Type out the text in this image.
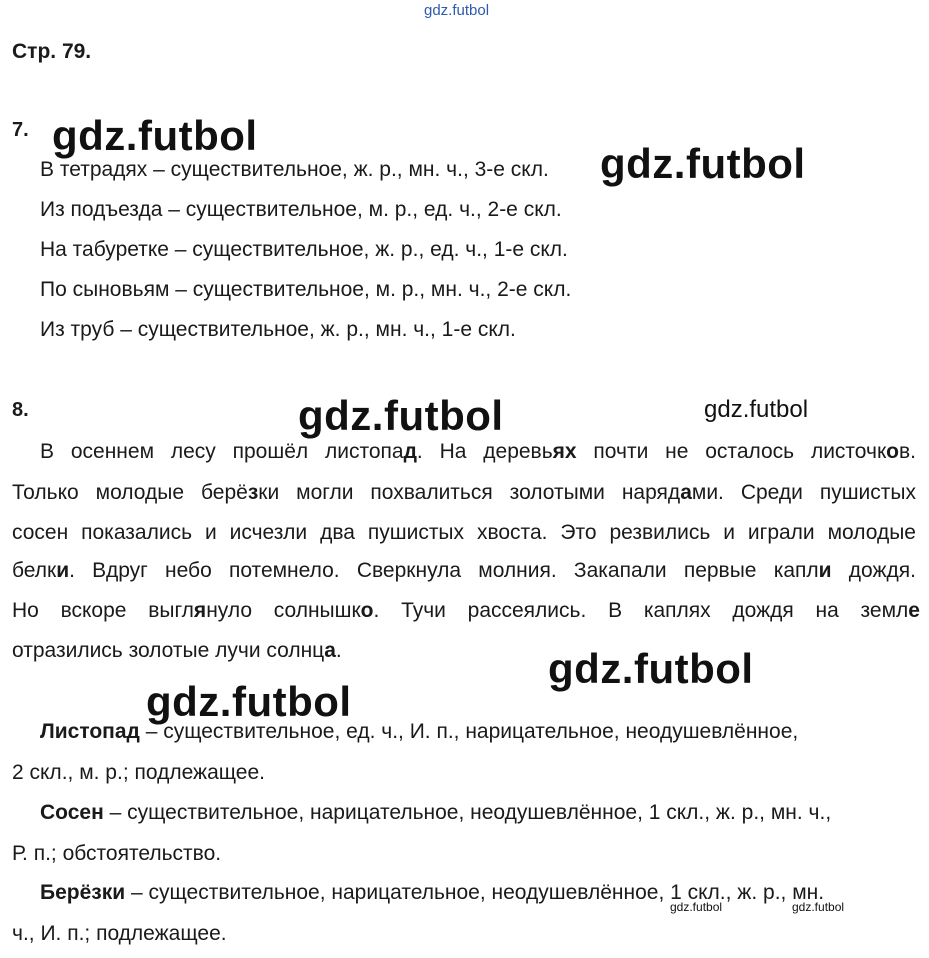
gdz.futbol
Стр. 79.
7. gdz.futbol
В тетрадях – существительное, ж. р., мн. ч., 3-е скл. gdz.futbol
Из подъезда – существительное, м. р., ед. ч., 2-е скл.
На табуретке – существительное, ж. р., ед. ч., 1-е скл.
По сыновьям – существительное, м. р., мн. ч., 2-е скл.
Из труб – существительное, ж. р., мн. ч., 1-е скл.
8.	gdz.futbol	gdz.futbol
В осеннем лесу прошёл листопад. На деревьях почти не осталось листочков.
Только молодые берёзки могли похвалиться золотыми нарядами. Среди пушистых
сосен показались и исчезли два пушистых хвоста. Это резвились и играли молодые
белки. Вдруг небо потемнело. Сверкнула молния. Закапали первые капли дождя.
Но вскоре выглянуло солнышко. Тучи рассеялись. В каплях дождя на земле
отразились золотые лучи солнца.	gdz.futbol
gdz.futbol
Листопад – существительное, ед. ч., И. п., нарицательное, неодушевлённое,
2 скл., м. р.; подлежащее.
Сосен – существительное, нарицательное, неодушевлённое, 1 скл., ж. р., мн. ч.,
Р. п.; обстоятельство.
Берёзки – существительное, нарицательное, неодушевлённое, 1 скл., ж. р., мн.
ч., И. п.; подлежащее.
gdz.futbol	gdz.futbol
